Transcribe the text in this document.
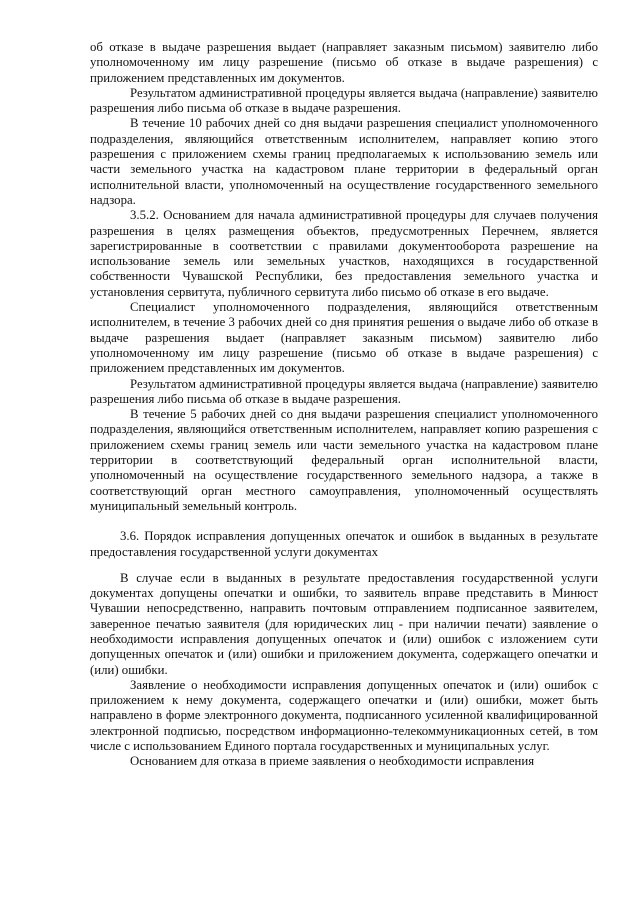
об отказе в выдаче разрешения выдает (направляет заказным письмом) заявителю либо уполномоченному им лицу разрешение (письмо об отказе в выдаче разрешения) с приложением представленных им документов.

Результатом административной процедуры является выдача (направление) заявителю разрешения либо письма об отказе в выдаче разрешения.

В течение 10 рабочих дней со дня выдачи разрешения специалист уполномоченного подразделения, являющийся ответственным исполнителем, направляет копию этого разрешения с приложением схемы границ предполагаемых к использованию земель или части земельного участка на кадастровом плане территории в федеральный орган исполнительной власти, уполномоченный на осуществление государственного земельного надзора.

3.5.2. Основанием для начала административной процедуры для случаев получения разрешения в целях размещения объектов, предусмотренных Перечнем, является зарегистрированные в соответствии с правилами документооборота разрешение на использование земель или земельных участков, находящихся в государственной собственности Чувашской Республики, без предоставления земельного участка и установления сервитута, публичного сервитута либо письмо об отказе в его выдаче.

Специалист уполномоченного подразделения, являющийся ответственным исполнителем, в течение 3 рабочих дней со дня принятия решения о выдаче либо об отказе в выдаче разрешения выдает (направляет заказным письмом) заявителю либо уполномоченному им лицу разрешение (письмо об отказе в выдаче разрешения) с приложением представленных им документов.

Результатом административной процедуры является выдача (направление) заявителю разрешения либо письма об отказе в выдаче разрешения.

В течение 5 рабочих дней со дня выдачи разрешения специалист уполномоченного подразделения, являющийся ответственным исполнителем, направляет копию разрешения с приложением схемы границ земель или части земельного участка на кадастровом плане территории в соответствующий федеральный орган исполнительной власти, уполномоченный на осуществление государственного земельного надзора, а также в соответствующий орган местного самоуправления, уполномоченный осуществлять муниципальный земельный контроль.

3.6. Порядок исправления допущенных опечаток и ошибок в выданных в результате предоставления государственной услуги документах

В случае если в выданных в результате предоставления государственной услуги документах допущены опечатки и ошибки, то заявитель вправе представить в Минюст Чувашии непосредственно, направить почтовым отправлением подписанное заявителем, заверенное печатью заявителя (для юридических лиц - при наличии печати) заявление о необходимости исправления допущенных опечаток и (или) ошибок с изложением сути допущенных опечаток и (или) ошибки и приложением документа, содержащего опечатки и (или) ошибки.

Заявление о необходимости исправления допущенных опечаток и (или) ошибок с приложением к нему документа, содержащего опечатки и (или) ошибки, может быть направлено в форме электронного документа, подписанного усиленной квалифицированной электронной подписью, посредством информационно-телекоммуникационных сетей, в том числе с использованием Единого портала государственных и муниципальных услуг.

Основанием для отказа в приеме заявления о необходимости исправления
